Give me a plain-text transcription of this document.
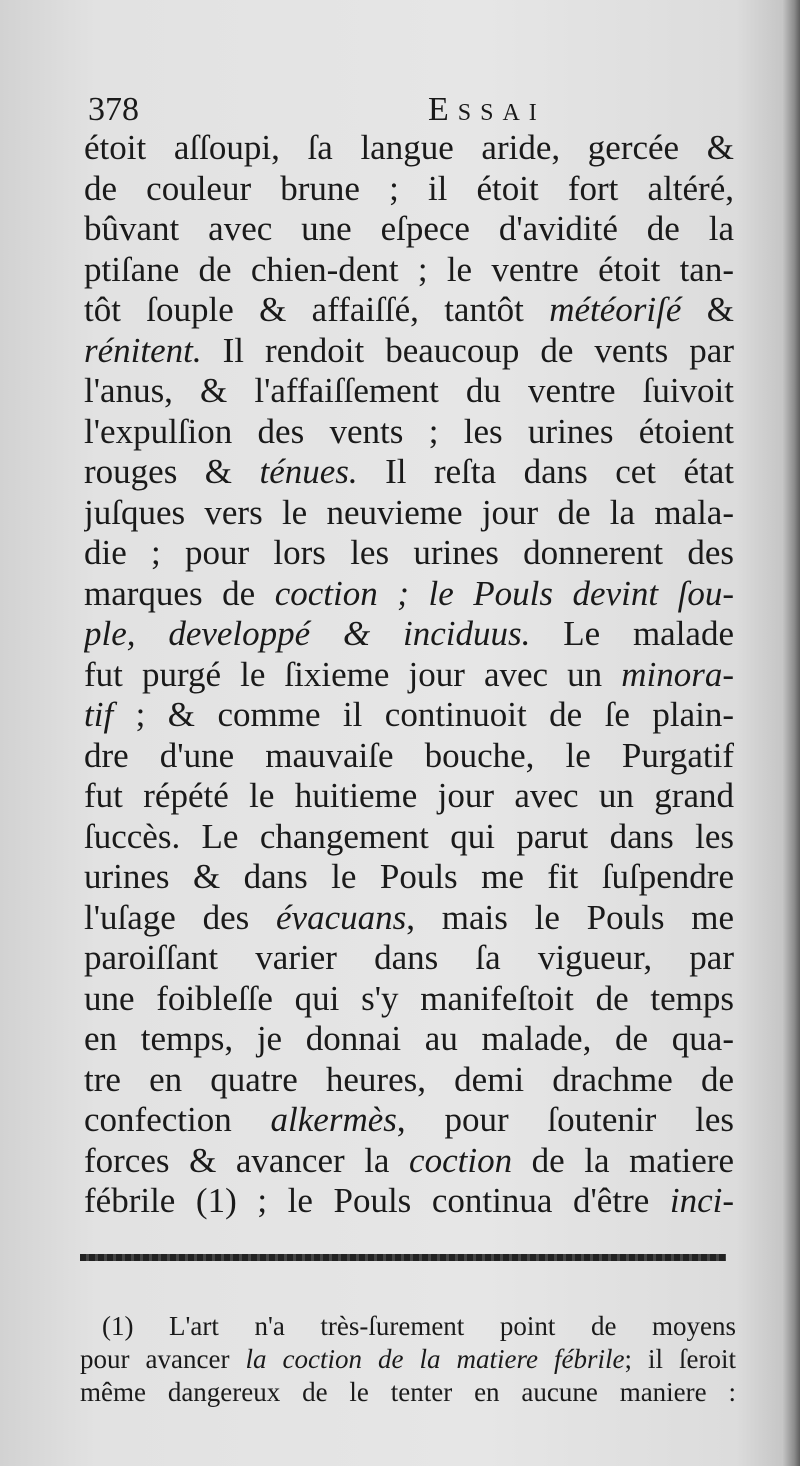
378	Essai
étoit aſſoupi, ſa langue aride, gercée &
de couleur brune ; il étoit fort altéré,
bûvant avec une eſpece d'avidité de la
ptiſane de chien-dent ; le ventre étoit tan-
tôt ſouple & affaiſſé, tantôt météoriſé &
rénitent. Il rendoit beaucoup de vents par
l'anus, & l'affaiſſement du ventre ſuivoit
l'expulſion des vents ; les urines étoient
rouges & ténues. Il reſta dans cet état
juſques vers le neuvieme jour de la mala-
die ; pour lors les urines donnerent des
marques de coction ; le Pouls devint ſou-
ple, developpé & inciduus. Le malade
fut purgé le ſixieme jour avec un minora-
tif ; & comme il continuoit de ſe plain-
dre d'une mauvaiſe bouche, le Purgatif
fut répété le huitieme jour avec un grand
ſuccès. Le changement qui parut dans les
urines & dans le Pouls me fit ſuſpendre
l'uſage des évacuans, mais le Pouls me
paroiſſant varier dans ſa vigueur, par
une foibleſſe qui s'y manifeſtoit de temps
en temps, je donnai au malade, de qua-
tre en quatre heures, demi drachme de
confection alkermès, pour ſoutenir les
forces & avancer la coction de la matiere
fébrile (1) ; le Pouls continua d'être inci-
(1) L'art n'a très-ſurement point de moyens
pour avancer la coction de la matiere fébrile; il ſeroit
même dangereux de le tenter en aucune maniere :
